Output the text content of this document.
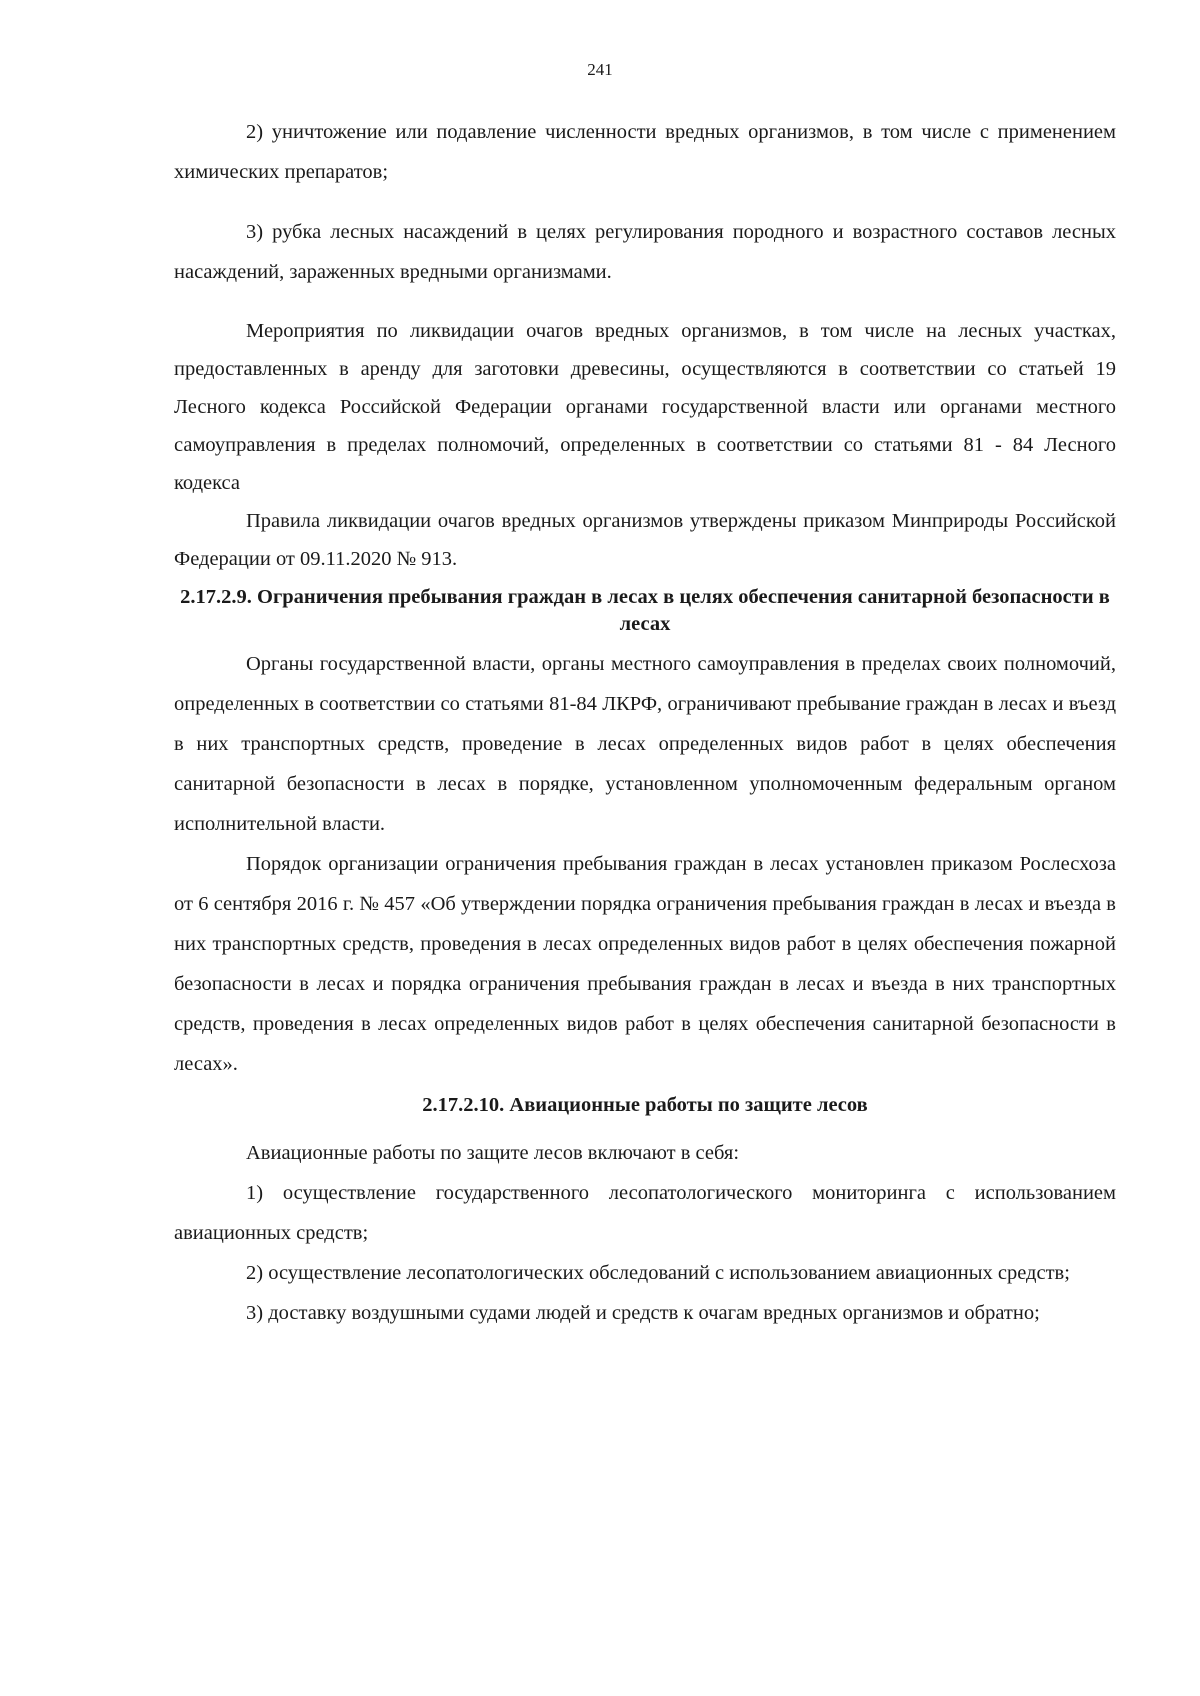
241

2) уничтожение или подавление численности вредных организмов, в том числе с применением химических препаратов;

3) рубка лесных насаждений в целях регулирования породного и возрастного составов лесных насаждений, зараженных вредными организмами.

Мероприятия по ликвидации очагов вредных организмов, в том числе на лесных участках, предоставленных в аренду для заготовки древесины, осуществляются в соответствии со статьей 19 Лесного кодекса Российской Федерации органами государственной власти или органами местного самоуправления в пределах полномочий, определенных в соответствии со статьями 81 - 84 Лесного кодекса

Правила ликвидации очагов вредных организмов утверждены приказом Минприроды Российской Федерации от 09.11.2020 № 913.

2.17.2.9. Ограничения пребывания граждан в лесах в целях обеспечения санитарной безопасности в лесах

Органы государственной власти, органы местного самоуправления в пределах своих полномочий, определенных в соответствии со статьями 81-84 ЛКРФ, ограничивают пребывание граждан в лесах и въезд в них транспортных средств, проведение в лесах определенных видов работ в целях обеспечения санитарной безопасности в лесах в порядке, установленном уполномоченным федеральным органом исполнительной власти.

Порядок организации ограничения пребывания граждан в лесах установлен приказом Рослесхоза от 6 сентября 2016 г. № 457 «Об утверждении порядка ограничения пребывания граждан в лесах и въезда в них транспортных средств, проведения в лесах определенных видов работ в целях обеспечения пожарной безопасности в лесах и порядка ограничения пребывания граждан в лесах и въезда в них транспортных средств, проведения в лесах определенных видов работ в целях обеспечения санитарной безопасности в лесах».

2.17.2.10. Авиационные работы по защите лесов

Авиационные работы по защите лесов включают в себя:

1) осуществление государственного лесопатологического мониторинга с использованием авиационных средств;

2) осуществление лесопатологических обследований с использованием авиационных средств;

3) доставку воздушными судами людей и средств к очагам вредных организмов и обратно;
